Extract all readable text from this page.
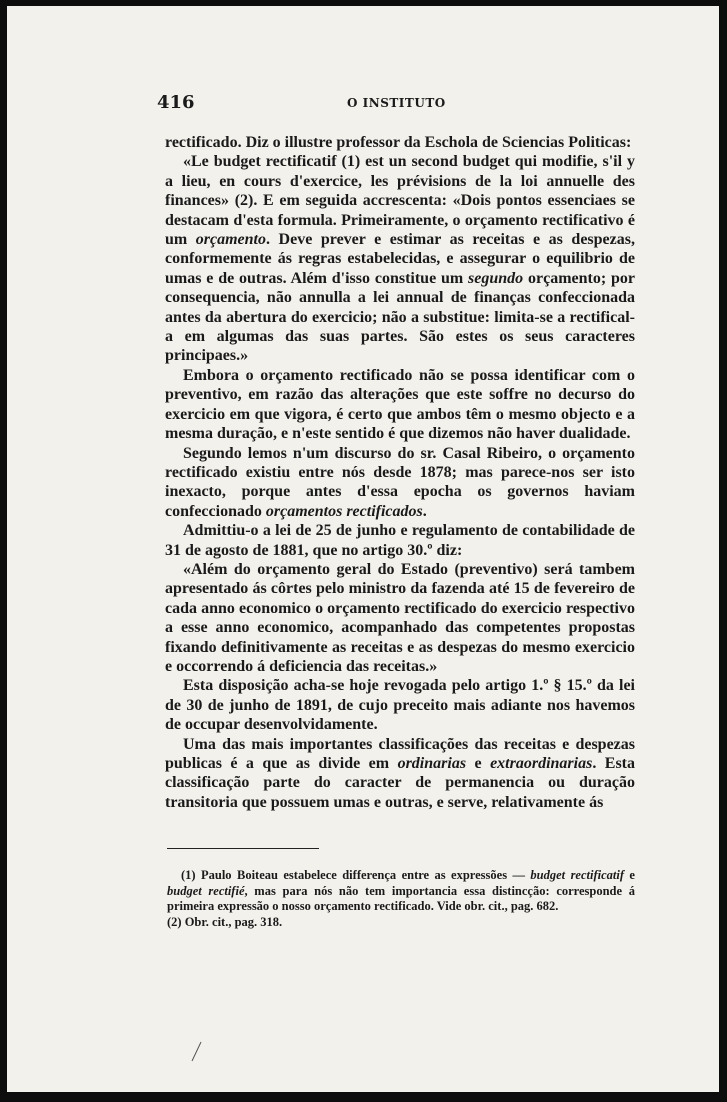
416	O INSTITUTO

rectificado. Diz o illustre professor da Eschola de Sciencias Politicas:

«Le budget rectificatif (1) est un second budget qui modifie, s'il y a lieu, en cours d'exercice, les prévisions de la loi annuelle des finances» (2). E em seguida accrescenta: «Dois pontos essenciaes se destacam d'esta formula. Primeiramente, o orçamento rectificativo é um orçamento. Deve prever e estimar as receitas e as despezas, conformemente ás regras estabelecidas, e assegurar o equilibrio de umas e de outras. Além d'isso constitue um segundo orçamento; por consequencia, não annulla a lei annual de finanças confeccionada antes da abertura do exercicio; não a substitue: limita-se a rectifical-a em algumas das suas partes. São estes os seus caracteres principaes.»

Embora o orçamento rectificado não se possa identificar com o preventivo, em razão das alterações que este soffre no decurso do exercicio em que vigora, é certo que ambos têm o mesmo objecto e a mesma duração, e n'este sentido é que dizemos não haver dualidade.

Segundo lemos n'um discurso do sr. Casal Ribeiro, o orçamento rectificado existiu entre nós desde 1878; mas parece-nos ser isto inexacto, porque antes d'essa epocha os governos haviam confeccionado orçamentos rectificados.

Admittiu-o a lei de 25 de junho e regulamento de contabilidade de 31 de agosto de 1881, que no artigo 30.º diz:

«Além do orçamento geral do Estado (preventivo) será tambem apresentado ás côrtes pelo ministro da fazenda até 15 de fevereiro de cada anno economico o orçamento rectificado do exercicio respectivo a esse anno economico, acompanhado das competentes propostas fixando definitivamente as receitas e as despezas do mesmo exercicio e occorrendo á deficiencia das receitas.»

Esta disposição acha-se hoje revogada pelo artigo 1.º § 15.º da lei de 30 de junho de 1891, de cujo preceito mais adiante nos havemos de occupar desenvolvidamente.

Uma das mais importantes classificações das receitas e despezas publicas é a que as divide em ordinarias e extraordinarias. Esta classificação parte do caracter de permanencia ou duração transitoria que possuem umas e outras, e serve, relativamente ás

(1) Paulo Boiteau estabelece differença entre as expressões — budget rectificatif e budget rectifié, mas para nós não tem importancia essa distincção: corresponde á primeira expressão o nosso orçamento rectificado. Vide obr. cit., pag. 682.

(2) Obr. cit., pag. 318.
